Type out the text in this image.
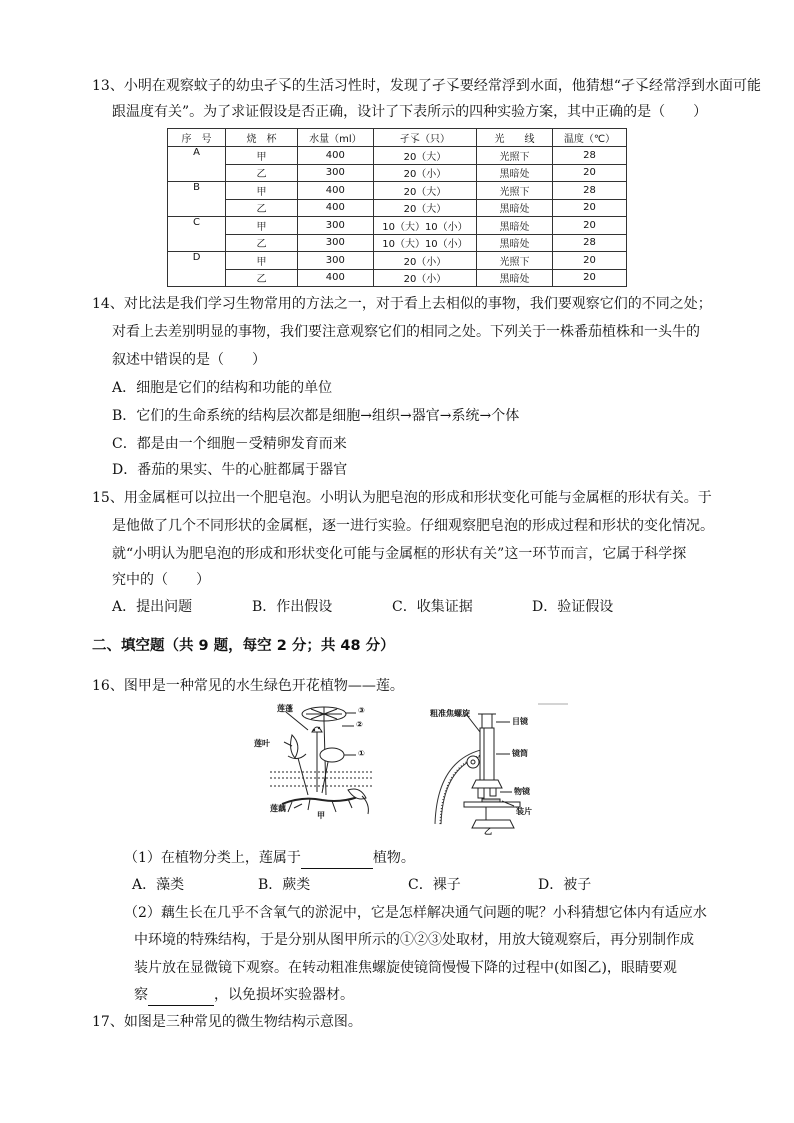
13、小明在观察蚊子的幼虫孑孓的生活习性时，发现了孑孓要经常浮到水面，他猜想“孑孓经常浮到水面可能
跟温度有关”。为了求证假设是否正确，设计了下表所示的四种实验方案，其中正确的是（　　）
序　号	烧　杯	水量（ml）	孑孓（只）	光　　线	温度（℃）
A	甲	400	20（大）	光照下	28
	乙	300	20（小）	黑暗处	20
B	甲	400	20（大）	光照下	28
	乙	400	20（大）	黑暗处	20
C	甲	300	10（大）10（小）	黑暗处	20
	乙	300	10（大）10（小）	黑暗处	28
D	甲	300	20（小）	光照下	20
	乙	400	20（小）	黑暗处	20
14、对比法是我们学习生物常用的方法之一，对于看上去相似的事物，我们要观察它们的不同之处；
对看上去差别明显的事物，我们要注意观察它们的相同之处。下列关于一株番茄植株和一头牛的
叙述中错误的是（　　）
A．细胞是它们的结构和功能的单位
B．它们的生命系统的结构层次都是细胞→组织→器官→系统→个体
C．都是由一个细胞－受精卵发育而来
D．番茄的果实、牛的心脏都属于器官
15、用金属框可以拉出一个肥皂泡。小明认为肥皂泡的形成和形状变化可能与金属框的形状有关。于
是他做了几个不同形状的金属框，逐一进行实验。仔细观察肥皂泡的形成过程和形状的变化情况。
就“小明认为肥皂泡的形成和形状变化可能与金属框的形状有关”这一环节而言，它属于科学探
究中的（　　）
A．提出问题	B．作出假设	C．收集证据	D．验证假设
二、填空题（共 9 题，每空 2 分；共 48 分）
16、图甲是一种常见的水生绿色开花植物——莲。
莲蓬
莲叶
莲藕
③
②
①
甲
粗准焦螺旋
目镜
镜筒
物镜
装片
乙
（1）在植物分类上，莲属于	植物。
A．藻类	B．蕨类	C．裸子	D．被子
（2）藕生长在几乎不含氧气的淤泥中，它是怎样解决通气问题的呢？小科猜想它体内有适应水
中环境的特殊结构，于是分别从图甲所示的①②③处取材，用放大镜观察后，再分别制作成
装片放在显微镜下观察。在转动粗准焦螺旋使镜筒慢慢下降的过程中(如图乙)，眼睛要观
察	，以免损坏实验器材。
17、如图是三种常见的微生物结构示意图。
